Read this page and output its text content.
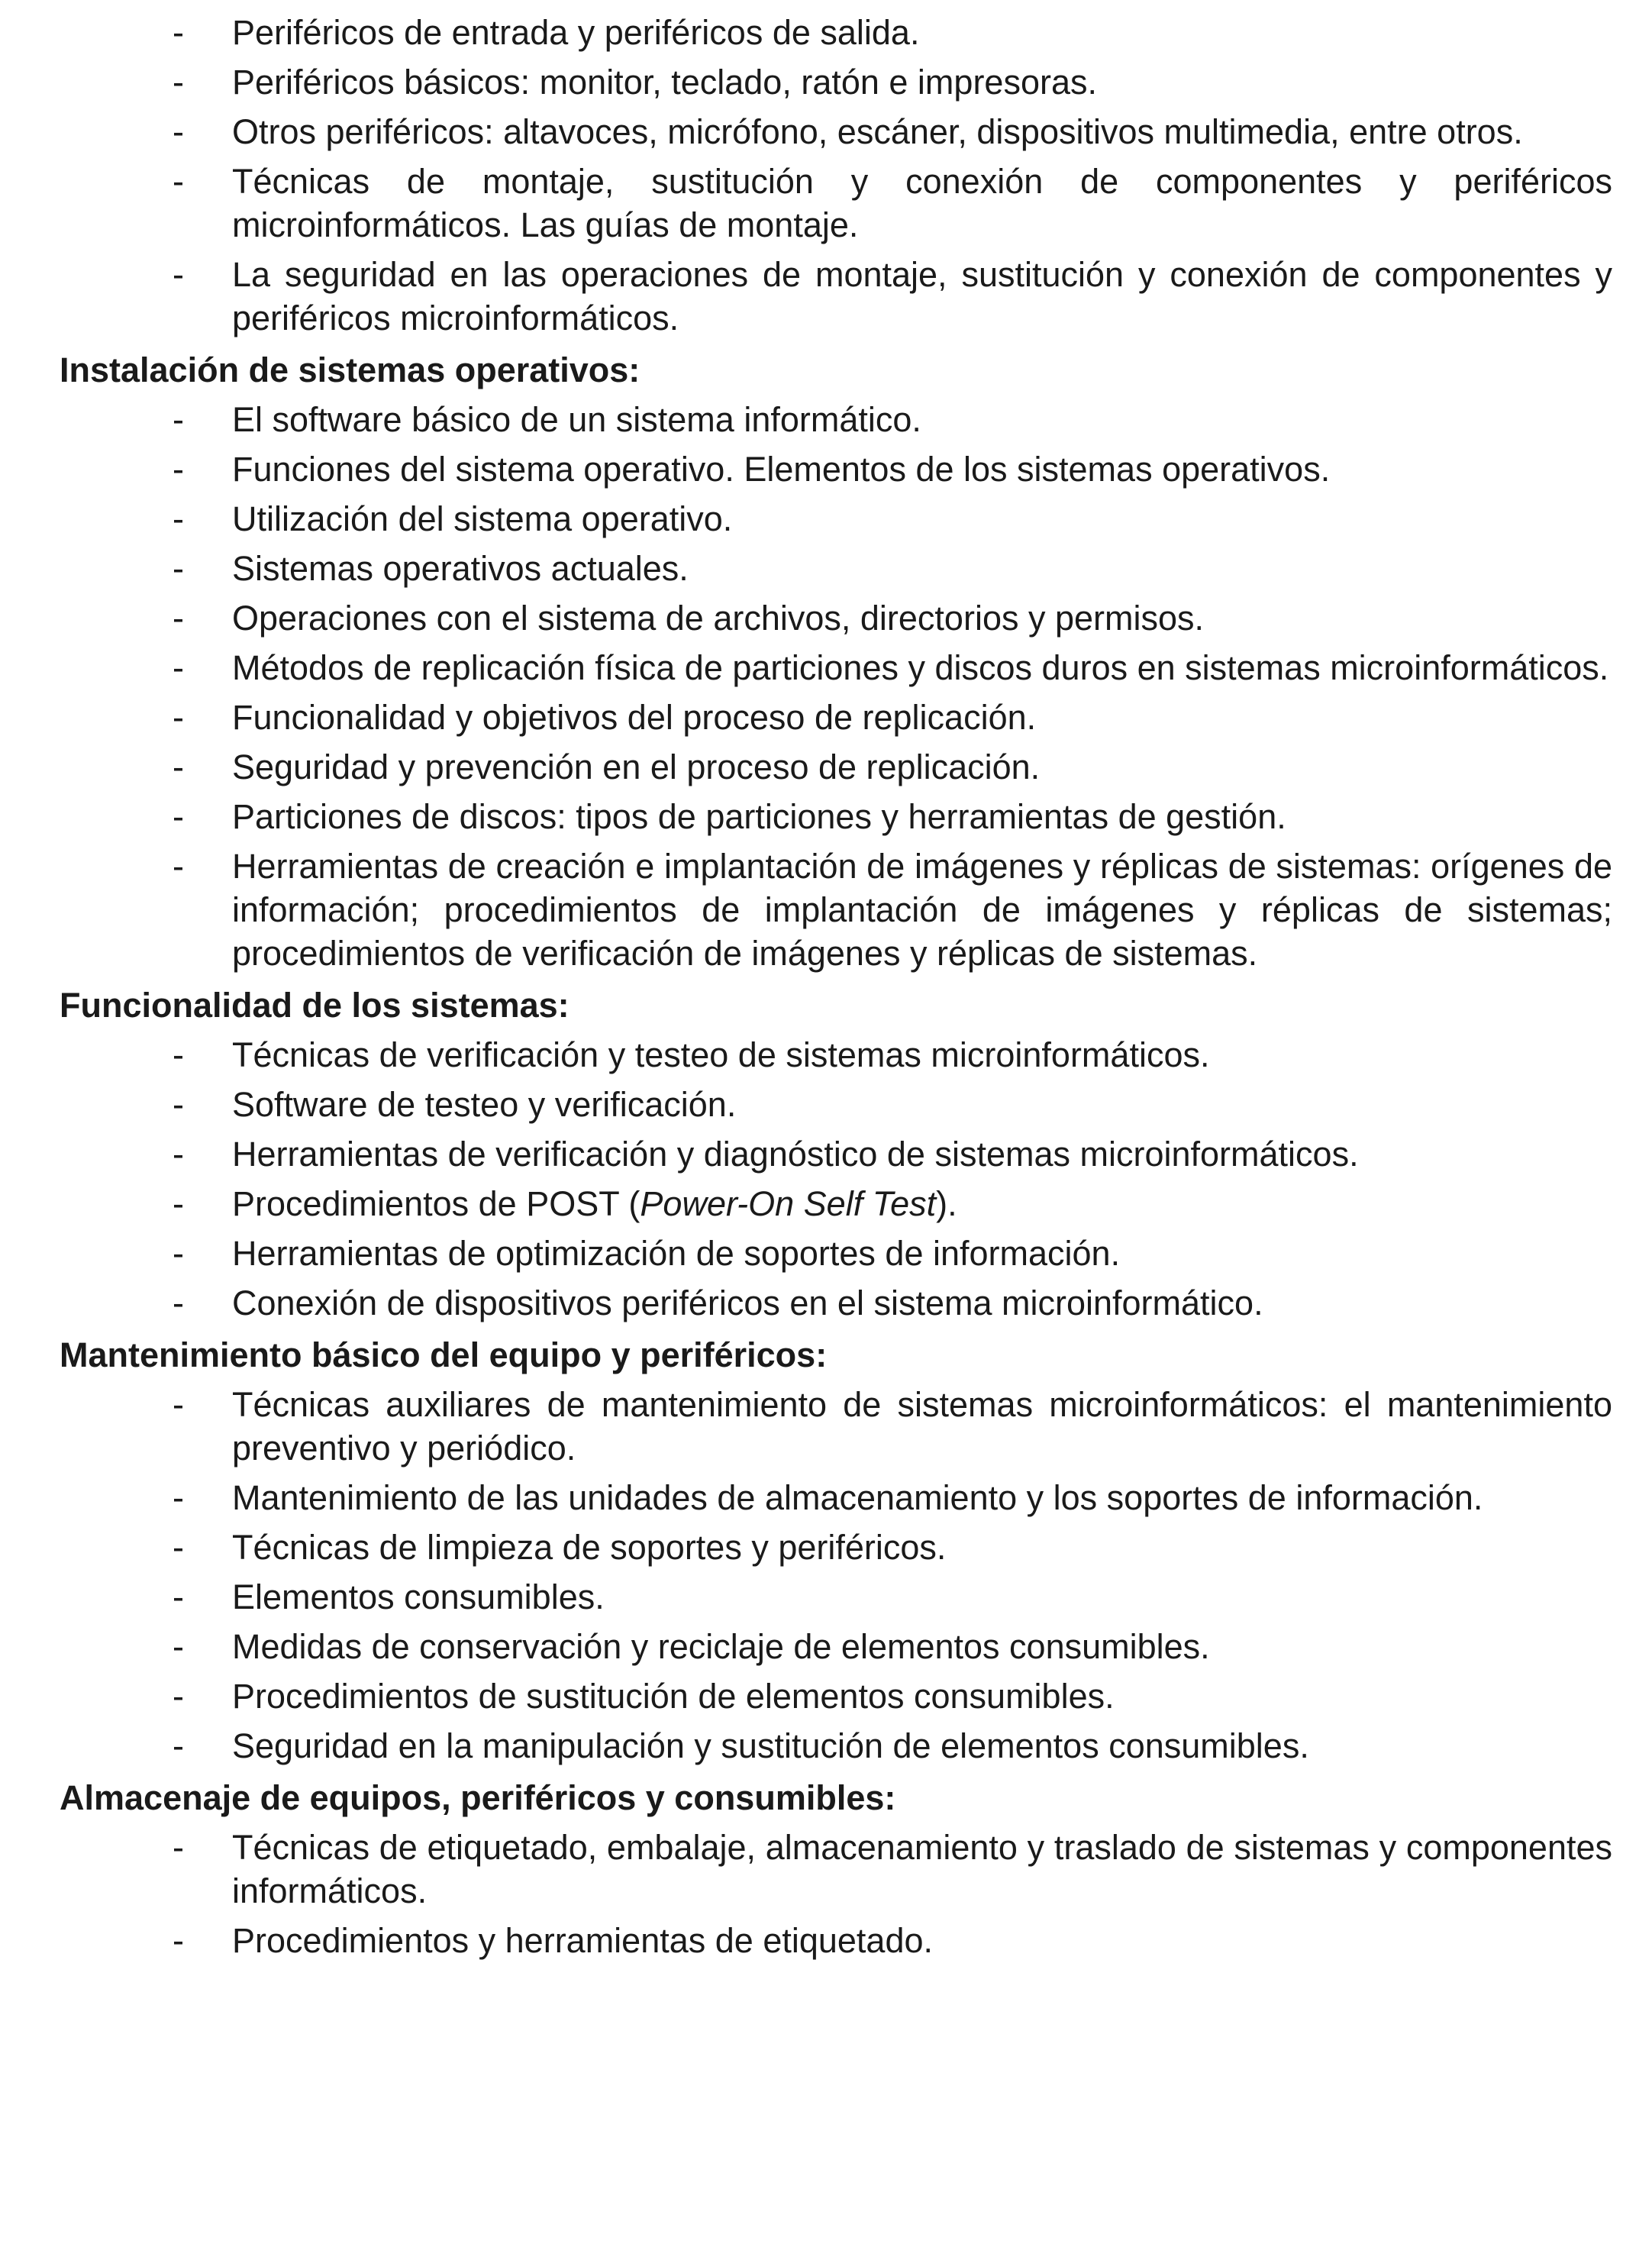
- Periféricos de entrada y periféricos de salida.
- Periféricos básicos: monitor, teclado, ratón e impresoras.
- Otros periféricos: altavoces, micrófono, escáner, dispositivos multimedia, entre otros.
- Técnicas de montaje, sustitución y conexión de componentes y periféricos microinformáticos. Las guías de montaje.
- La seguridad en las operaciones de montaje, sustitución y conexión de componentes y periféricos microinformáticos.
Instalación de sistemas operativos:
- El software básico de un sistema informático.
- Funciones del sistema operativo. Elementos de los sistemas operativos.
- Utilización del sistema operativo.
- Sistemas operativos actuales.
- Operaciones con el sistema de archivos, directorios y permisos.
- Métodos de replicación física de particiones y discos duros en sistemas microinformáticos.
- Funcionalidad y objetivos del proceso de replicación.
- Seguridad y prevención en el proceso de replicación.
- Particiones de discos: tipos de particiones y herramientas de gestión.
- Herramientas de creación e implantación de imágenes y réplicas de sistemas: orígenes de información; procedimientos de implantación de imágenes y réplicas de sistemas; procedimientos de verificación de imágenes y réplicas de sistemas.
Funcionalidad de los sistemas:
- Técnicas de verificación y testeo de sistemas microinformáticos.
- Software de testeo y verificación.
- Herramientas de verificación y diagnóstico de sistemas microinformáticos.
- Procedimientos de POST (Power-On Self Test).
- Herramientas de optimización de soportes de información.
- Conexión de dispositivos periféricos en el sistema microinformático.
Mantenimiento básico del equipo y periféricos:
- Técnicas auxiliares de mantenimiento de sistemas microinformáticos: el mantenimiento preventivo y periódico.
- Mantenimiento de las unidades de almacenamiento y los soportes de información.
- Técnicas de limpieza de soportes y periféricos.
- Elementos consumibles.
- Medidas de conservación y reciclaje de elementos consumibles.
- Procedimientos de sustitución de elementos consumibles.
- Seguridad en la manipulación y sustitución de elementos consumibles.
Almacenaje de equipos, periféricos y consumibles:
- Técnicas de etiquetado, embalaje, almacenamiento y traslado de sistemas y componentes informáticos.
- Procedimientos y herramientas de etiquetado.
